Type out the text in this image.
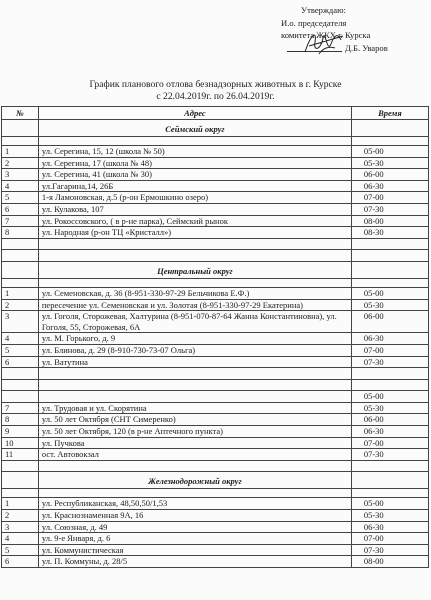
Утверждаю:
И.о. председателя
комитета ЖКХ г. Курска
Д.Б. Уваров
График планового отлова безнадзорных животных в г. Курске
с 22.04.2019г. по 26.04.2019г.
№	Адрес	Время
	Сеймский округ	

1	ул. Серегина, 15, 12 (школа № 50)	05-00
2	ул. Серегина, 17 (школа № 48)	05-30
3	ул. Серегина, 41 (школа № 30)	06-00
4	ул.Гагарина,14, 26Б	06-30
5	1-я Ламоновская, д.5 (р-он Ермошкино озеро)	07-00
6	ул. Кулакова, 107	07-30
7	ул. Рокоссовского, ( в р-не парка), Сеймский рынок	08-00
8	ул. Народная (р-он ТЦ «Кристалл»)	08-30

	Центральный округ	

1	ул. Семеновская, д. 36 (8-951-330-97-29 Бельчикова Е.Ф.)	05-00
2	пересечение ул. Семеновская и ул. Золотая (8-951-330-97-29 Екатерина)	05-30
3	ул. Гоголя, Сторожевая, Халтурина (8-951-070-87-64 Жанна Константиновна), ул. Гоголя, 55, Сторожевая, 6А	06-00
4	ул. М. Горького, д. 9	06-30
5	ул. Блинова, д. 29 (8-910-730-73-07 Ольга)	07-00
6	ул. Ватутина	07-30

		05-00
7	ул. Трудовая и ул. Скорятина	05-30
8	ул. 50 лет Октября (СНТ Симеренко)	06-00
9	ул. 50 лет Октября, 120 (в р-не Аптечного пункта)	06-30
10	ул. Пучкова	07-00
11	ост. Автовокзал	07-30

	Железнодорожный округ	

1	ул. Республиканская, 48,50,50/1,53	05-00
2	ул. Краснознаменная 9А, 16	05-30
3	ул. Союзная, д. 49	06-30
4	ул. 9-е Января, д. 6	07-00
5	ул. Коммунистическая	07-30
6	ул. П. Коммуны, д. 28/5	08-00
